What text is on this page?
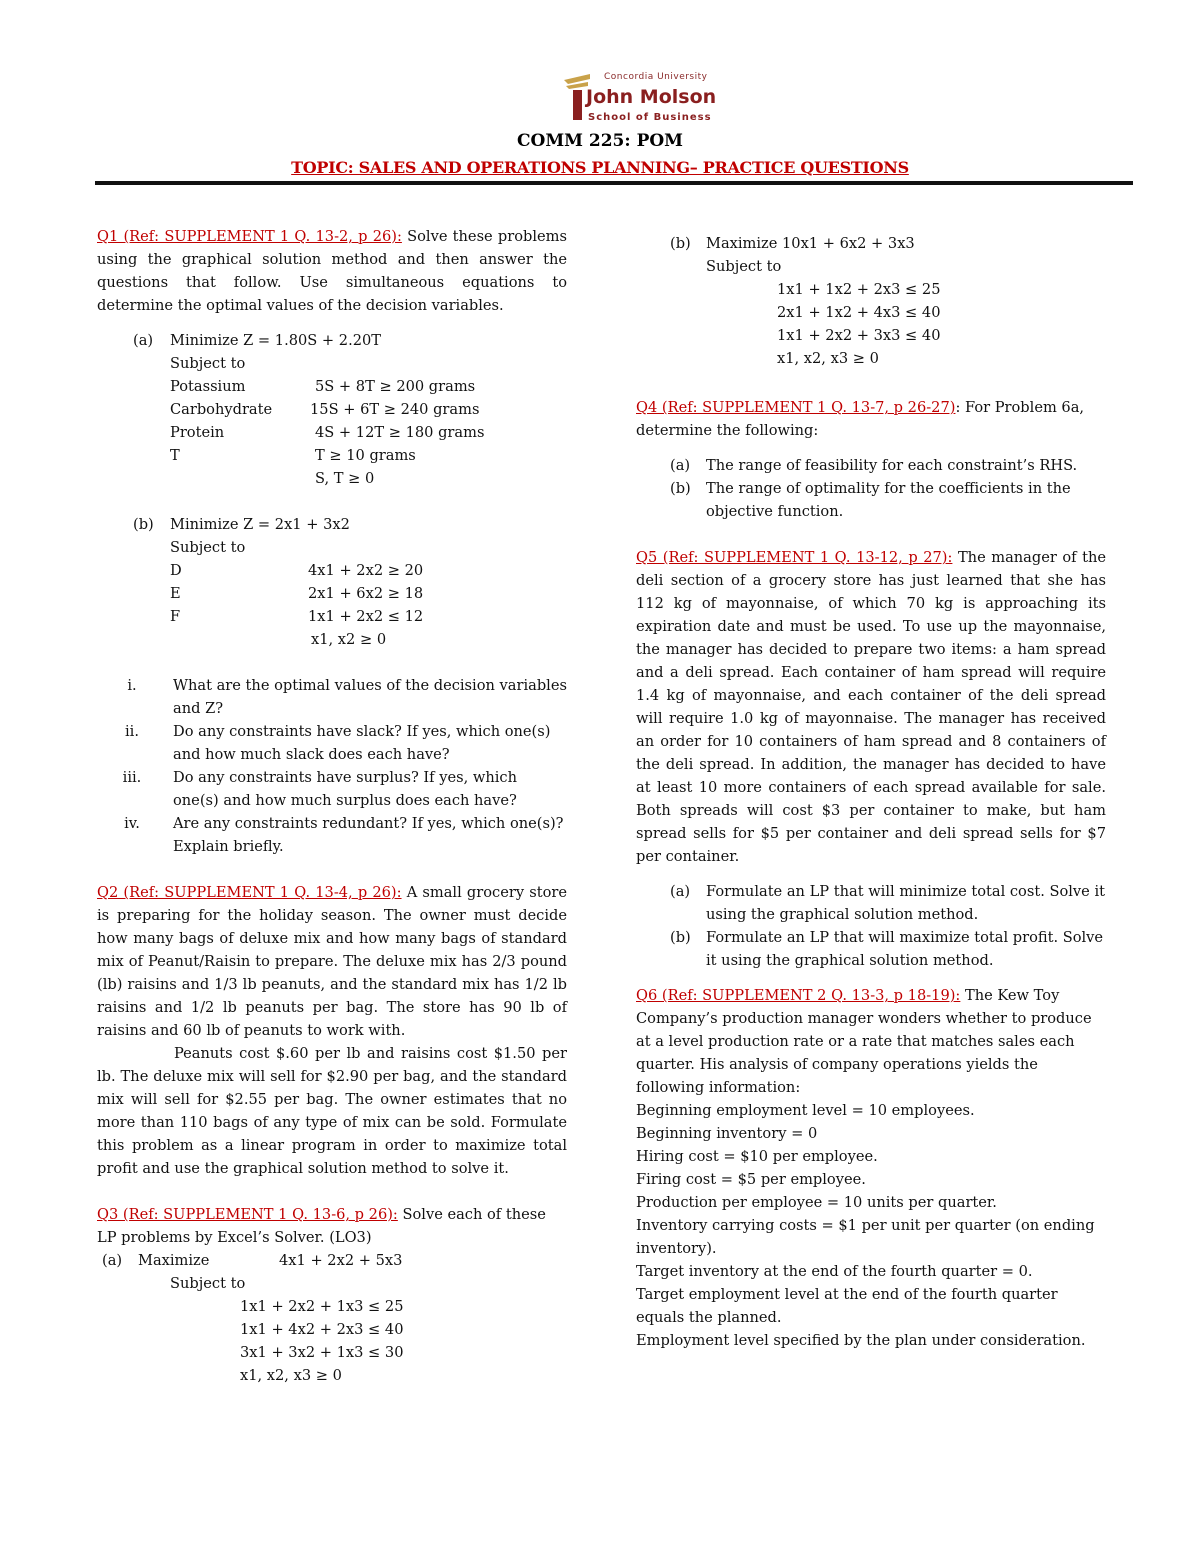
Concordia University
John Molson
School of Business
COMM 225: POM
TOPIC: SALES AND OPERATIONS PLANNING– PRACTICE QUESTIONS

Q1 (Ref: SUPPLEMENT 1 Q. 13-2, p 26): Solve these problems using the graphical solution method and then answer the questions that follow. Use simultaneous equations to determine the optimal values of the decision variables.

(a) Minimize Z = 1.80S + 2.20T

Subject to

Potassium	5S + 8T ≥ 200 grams
Carbohydrate	15S + 6T ≥ 240 grams
Protein	4S + 12T ≥ 180 grams
T	T ≥ 10 grams

S, T ≥ 0

(b) Minimize Z = 2x1 + 3x2

Subject to

D	4x1 + 2x2 ≥ 20
E	2x1 + 6x2 ≥ 18
F	1x1 + 2x2 ≤ 12

x1, x2 ≥ 0

i.	What are the optimal values of the decision variables and Z?
ii.	Do any constraints have slack? If yes, which one(s) and how much slack does each have?
iii.	Do any constraints have surplus? If yes, which one(s) and how much surplus does each have?
iv.	Are any constraints redundant? If yes, which one(s)? Explain briefly.

Q2 (Ref: SUPPLEMENT 1 Q. 13-4, p 26): A small grocery store is preparing for the holiday season. The owner must decide how many bags of deluxe mix and how many bags of standard mix of Peanut/Raisin to prepare. The deluxe mix has 2/3 pound (lb) raisins and 1/3 lb peanuts, and the standard mix has 1/2 lb raisins and 1/2 lb peanuts per bag. The store has 90 lb of raisins and 60 lb of peanuts to work with.

Peanuts cost $.60 per lb and raisins cost $1.50 per lb. The deluxe mix will sell for $2.90 per bag, and the standard mix will sell for $2.55 per bag. The owner estimates that no more than 110 bags of any type of mix can be sold. Formulate this problem as a linear program in order to maximize total profit and use the graphical solution method to solve it.

Q3 (Ref: SUPPLEMENT 1 Q. 13-6, p 26): Solve each of these LP problems by Excel’s Solver. (LO3)

(a)	Maximize	4x1 + 2x2 + 5x3

Subject to

1x1 + 2x2 + 1x3 ≤ 25

1x1 + 4x2 + 2x3 ≤ 40

3x1 + 3x2 + 1x3 ≤ 30

x1, x2, x3 ≥ 0

(b)	Maximize 10x1 + 6x2 + 3x3

Subject to

1x1 + 1x2 + 2x3 ≤ 25

2x1 + 1x2 + 4x3 ≤ 40

1x1 + 2x2 + 3x3 ≤ 40

x1, x2, x3 ≥ 0

Q4 (Ref: SUPPLEMENT 1 Q. 13-7, p 26-27): For Problem 6a, determine the following:

(a)	The range of feasibility for each constraint’s RHS.
(b)	The range of optimality for the coefficients in the objective function.

Q5 (Ref: SUPPLEMENT 1 Q. 13-12, p 27): The manager of the deli section of a grocery store has just learned that she has 112 kg of mayonnaise, of which 70 kg is approaching its expiration date and must be used. To use up the mayonnaise, the manager has decided to prepare two items: a ham spread and a deli spread. Each container of ham spread will require 1.4 kg of mayonnaise, and each container of the deli spread will require 1.0 kg of mayonnaise. The manager has received an order for 10 containers of ham spread and 8 containers of the deli spread. In addition, the manager has decided to have at least 10 more containers of each spread available for sale. Both spreads will cost $3 per container to make, but ham spread sells for $5 per container and deli spread sells for $7 per container.

(a)	Formulate an LP that will minimize total cost. Solve it using the graphical solution method.
(b)	Formulate an LP that will maximize total profit. Solve it using the graphical solution method.

Q6 (Ref: SUPPLEMENT 2 Q. 13-3, p 18-19): The Kew Toy Company’s production manager wonders whether to produce at a level production rate or a rate that matches sales each quarter. His analysis of company operations yields the following information:

Beginning employment level = 10 employees.

Beginning inventory = 0

Hiring cost = $10 per employee.

Firing cost = $5 per employee.

Production per employee = 10 units per quarter.

Inventory carrying costs = $1 per unit per quarter (on ending inventory).

Target inventory at the end of the fourth quarter = 0.

Target employment level at the end of the fourth quarter equals the planned.

Employment level specified by the plan under consideration.
